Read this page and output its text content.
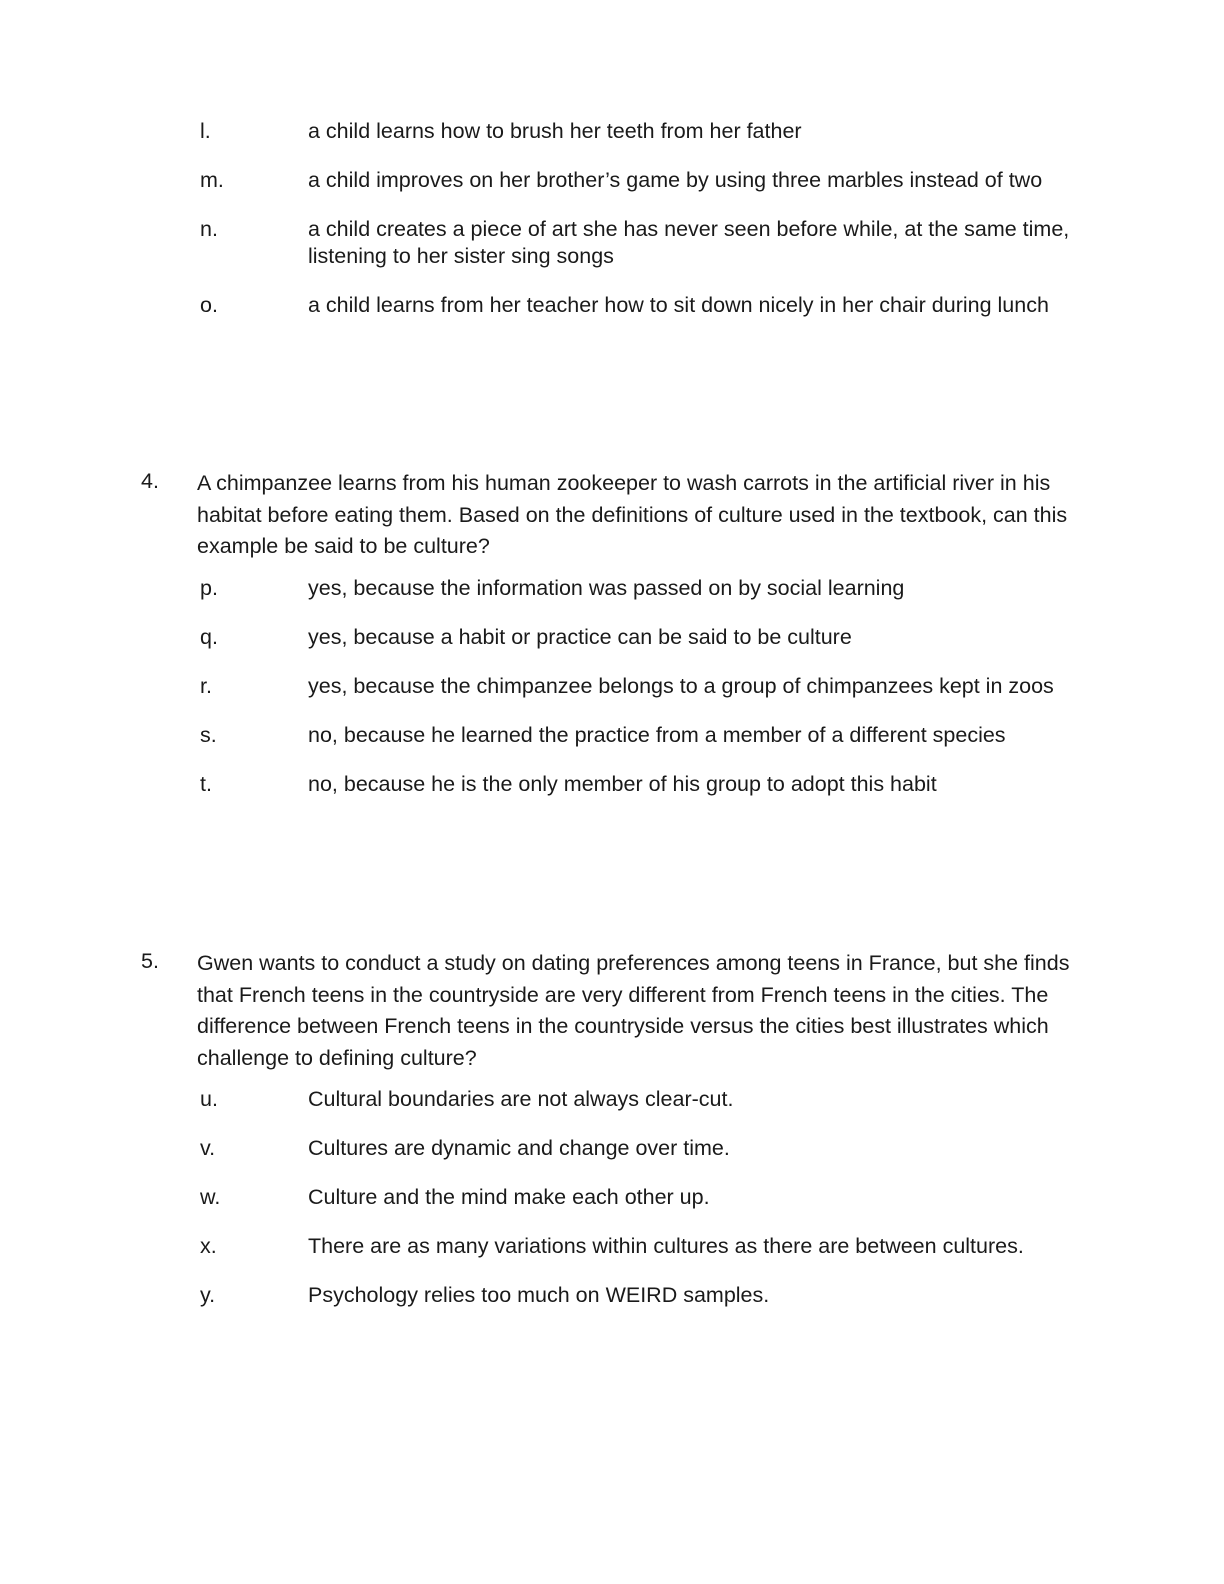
l.	a child learns how to brush her teeth from her father
m.	a child improves on her brother’s game by using three marbles instead of two
n.	a child creates a piece of art she has never seen before while, at the same time, listening to her sister sing songs
o.	a child learns from her teacher how to sit down nicely in her chair during lunch
4. A chimpanzee learns from his human zookeeper to wash carrots in the artificial river in his habitat before eating them. Based on the definitions of culture used in the textbook, can this example be said to be culture?
p.	yes, because the information was passed on by social learning
q.	yes, because a habit or practice can be said to be culture
r.	yes, because the chimpanzee belongs to a group of chimpanzees kept in zoos
s.	no, because he learned the practice from a member of a different species
t.	no, because he is the only member of his group to adopt this habit
5. Gwen wants to conduct a study on dating preferences among teens in France, but she finds that French teens in the countryside are very different from French teens in the cities. The difference between French teens in the countryside versus the cities best illustrates which challenge to defining culture?
u.	Cultural boundaries are not always clear-cut.
v.	Cultures are dynamic and change over time.
w.	Culture and the mind make each other up.
x.	There are as many variations within cultures as there are between cultures.
y.	Psychology relies too much on WEIRD samples.
